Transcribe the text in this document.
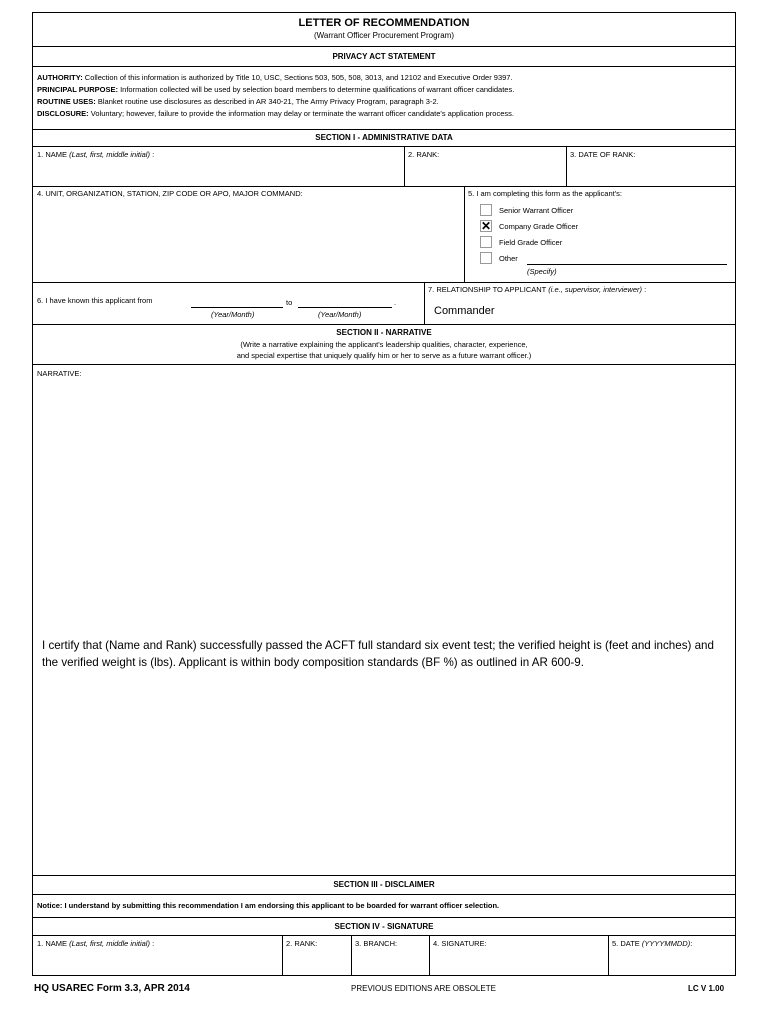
LETTER OF RECOMMENDATION
(Warrant Officer Procurement Program)
PRIVACY ACT STATEMENT
AUTHORITY: Collection of this information is authorized by Title 10, USC, Sections 503, 505, 508, 3013, and 12102 and Executive Order 9397.
PRINCIPAL PURPOSE: Information collected will be used by selection board members to determine qualifications of warrant officer candidates.
ROUTINE USES: Blanket routine use disclosures as described in AR 340-21, The Army Privacy Program, paragraph 3-2.
DISCLOSURE: Voluntary; however, failure to provide the information may delay or terminate the warrant officer candidate's application process.
SECTION I - ADMINISTRATIVE DATA
1. NAME (Last, first, middle initial) :	2. RANK:	3. DATE OF RANK:
4. UNIT, ORGANIZATION, STATION, ZIP CODE OR APO, MAJOR COMMAND:	5. I am completing this form as the applicant's:
Senior Warrant Officer
✕ Company Grade Officer
Field Grade Officer
Other
(Specify)
6. I have known this applicant from	to	.
(Year/Month)	(Year/Month)
7. RELATIONSHIP TO APPLICANT (i.e., supervisor, interviewer) :
Commander
SECTION II - NARRATIVE
(Write a narrative explaining the applicant's leadership qualities, character, experience,
and special expertise that uniquely qualify him or her to serve as a future warrant officer.)
NARRATIVE:
I certify that (Name and Rank) successfully passed the ACFT full standard six event test; the verified height is (feet and inches) and the verified weight is (lbs). Applicant is within body composition standards (BF %) as outlined in AR 600-9.
SECTION III - DISCLAIMER
Notice: I understand by submitting this recommendation I am endorsing this applicant to be boarded for warrant officer selection.
SECTION IV - SIGNATURE
1. NAME (Last, first, middle initial) :	2. RANK:	3. BRANCH:	4. SIGNATURE:	5. DATE (YYYYMMDD):
HQ USAREC Form 3.3, APR 2014	PREVIOUS EDITIONS ARE OBSOLETE	LC V 1.00
